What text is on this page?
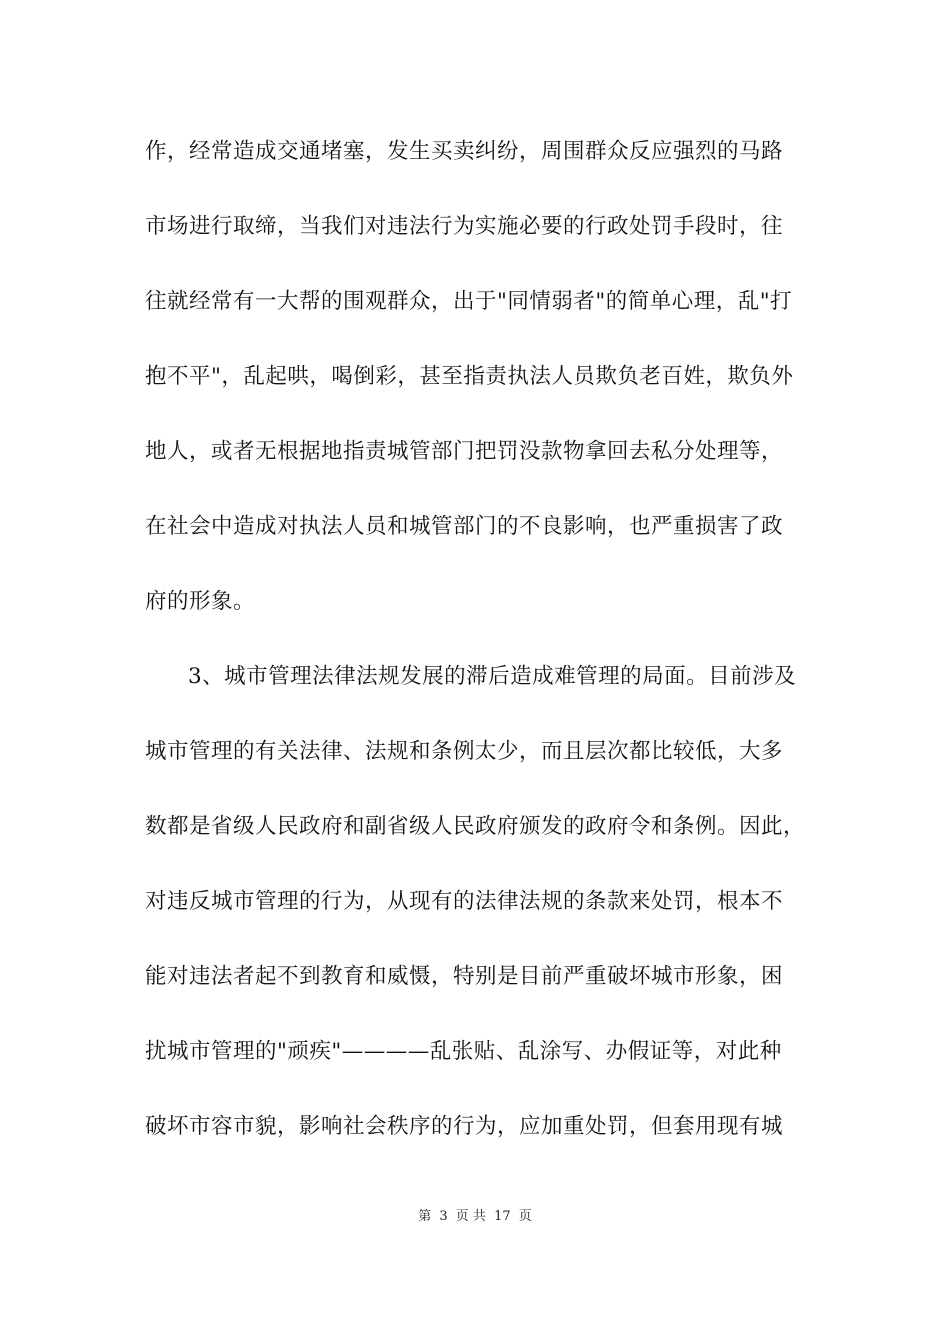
作，经常造成交通堵塞，发生买卖纠纷，周围群众反应强烈的马路
市场进行取缔，当我们对违法行为实施必要的行政处罚手段时，往
往就经常有一大帮的围观群众，出于"同情弱者"的简单心理，乱"打
抱不平"，乱起哄，喝倒彩，甚至指责执法人员欺负老百姓，欺负外
地人，或者无根据地指责城管部门把罚没款物拿回去私分处理等，
在社会中造成对执法人员和城管部门的不良影响，也严重损害了政
府的形象。
3、城市管理法律法规发展的滞后造成难管理的局面。目前涉及
城市管理的有关法律、法规和条例太少，而且层次都比较低，大多
数都是省级人民政府和副省级人民政府颁发的政府令和条例。因此，
对违反城市管理的行为，从现有的法律法规的条款来处罚，根本不
能对违法者起不到教育和威慑，特别是目前严重破坏城市形象，困
扰城市管理的"顽疾"————乱张贴、乱涂写、办假证等，对此种
破坏市容市貌，影响社会秩序的行为，应加重处罚，但套用现有城
第 3 页 共 17 页
